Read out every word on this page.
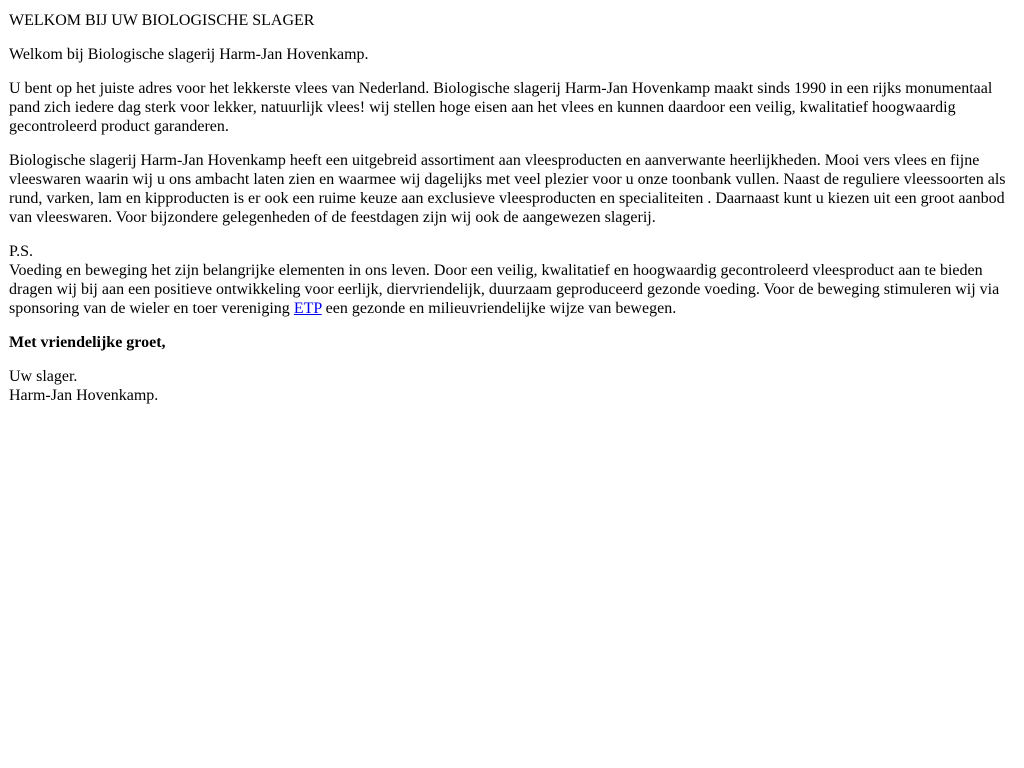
WELKOM BIJ UW BIOLOGISCHE SLAGER

Welkom bij Biologische slagerij Harm-Jan Hovenkamp.

U bent op het juiste adres voor het lekkerste vlees van Nederland. Biologische slagerij Harm-Jan Hovenkamp maakt sinds 1990 in een rijks monumentaal pand zich iedere dag sterk voor lekker, natuurlijk vlees! wij stellen hoge eisen aan het vlees en kunnen daardoor een veilig, kwalitatief hoogwaardig gecontroleerd product garanderen.

Biologische slagerij Harm-Jan Hovenkamp heeft een uitgebreid assortiment aan vleesproducten en aanverwante heerlijkheden. Mooi vers vlees en fijne vleeswaren waarin wij u ons ambacht laten zien en waarmee wij dagelijks met veel plezier voor u onze toonbank vullen. Naast de reguliere vleessoorten als rund, varken, lam en kipproducten is er ook een ruime keuze aan exclusieve vleesproducten en specialiteiten . Daarnaast kunt u kiezen uit een groot aanbod van vleeswaren. Voor bijzondere gelegenheden of de feestdagen zijn wij ook de aangewezen slagerij.

P.S.
Voeding en beweging het zijn belangrijke elementen in ons leven. Door een veilig, kwalitatief en hoogwaardig gecontroleerd vleesproduct aan te bieden dragen wij bij aan een positieve ontwikkeling voor eerlijk, diervriendelijk, duurzaam geproduceerd gezonde voeding. Voor de beweging stimuleren wij via sponsoring van de wieler en toer vereniging ETP een gezonde en milieuvriendelijke wijze van bewegen.

Met vriendelijke groet,

Uw slager.
Harm-Jan Hovenkamp.
